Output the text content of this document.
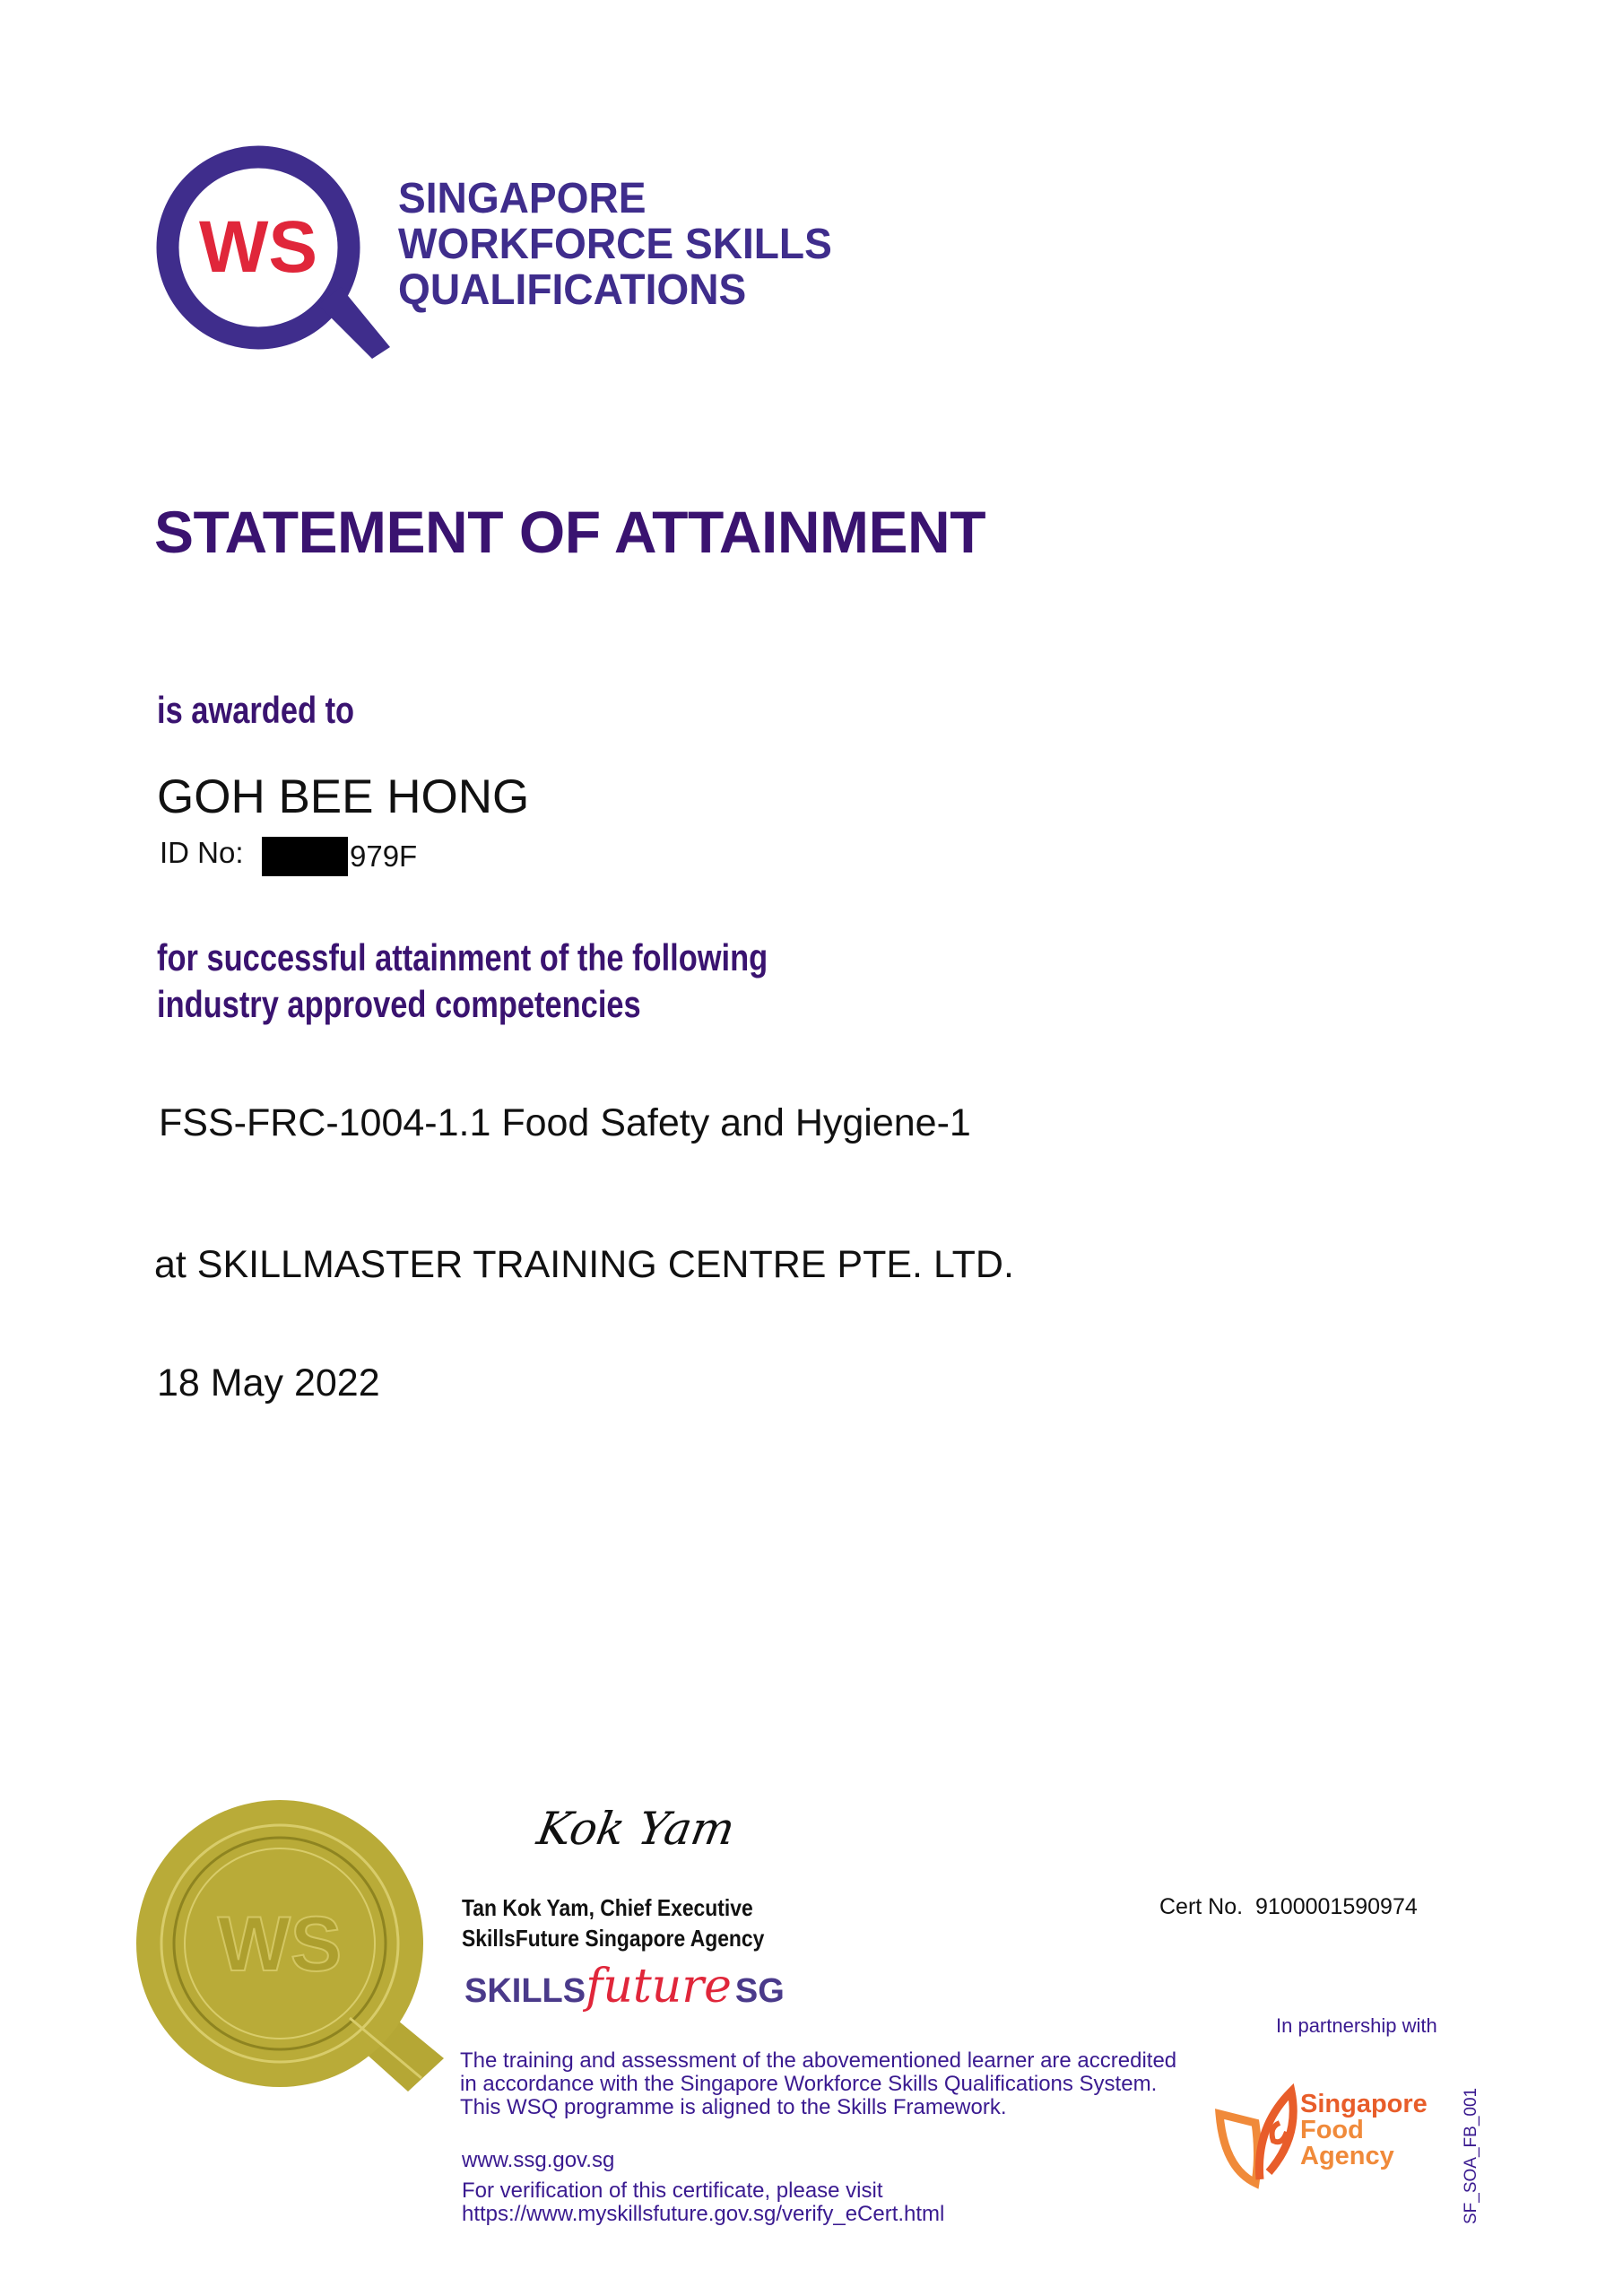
WS
SINGAPORE
WORKFORCE SKILLS
QUALIFICATIONS
STATEMENT OF ATTAINMENT
is awarded to
GOH BEE HONG
ID No:	979F
for successful attainment of the following
industry approved competencies
FSS-FRC-1004-1.1 Food Safety and Hygiene-1
at SKILLMASTER TRAINING CENTRE PTE. LTD.
18 May 2022
WS
Kok Yam
Tan Kok Yam, Chief Executive
SkillsFuture Singapore Agency
SKILLSfuture SG
The training and assessment of the abovementioned learner are accredited
in accordance with the Singapore Workforce Skills Qualifications System.
This WSQ programme is aligned to the Skills Framework.
www.ssg.gov.sg
For verification of this certificate, please visit
https://www.myskillsfuture.gov.sg/verify_eCert.html
Cert No. 9100001590974
In partnership with
Singapore
Food
Agency	SF_SOA_FB_001
